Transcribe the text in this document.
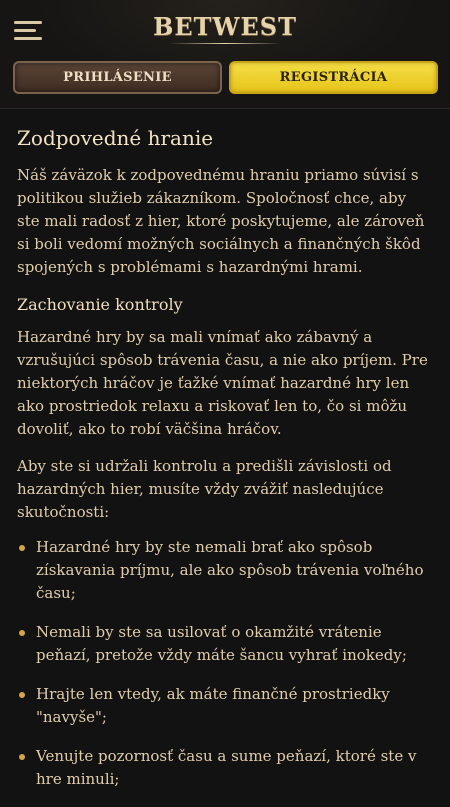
BETWEST
PRIHLÁSENIE	REGISTRÁCIA
Zodpovedné hranie

Náš záväzok k zodpovednému hraniu priamo súvisí s politikou služieb zákazníkom. Spoločnosť chce, aby ste mali radosť z hier, ktoré poskytujeme, ale zároveň si boli vedomí možných sociálnych a finančných škôd spojených s problémami s hazardnými hrami.

Zachovanie kontroly

Hazardné hry by sa mali vnímať ako zábavný a vzrušujúci spôsob trávenia času, a nie ako príjem. Pre niektorých hráčov je ťažké vnímať hazardné hry len ako prostriedok relaxu a riskovať len to, čo si môžu dovoliť, ako to robí väčšina hráčov.

Aby ste si udržali kontrolu a predišli závislosti od hazardných hier, musíte vždy zvážiť nasledujúce skutočnosti:

Hazardné hry by ste nemali brať ako spôsob získavania príjmu, ale ako spôsob trávenia voľného času;
Nemali by ste sa usilovať o okamžité vrátenie peňazí, pretože vždy máte šancu vyhrať inokedy;
Hrajte len vtedy, ak máte finančné prostriedky "navyše";
Venujte pozornosť času a sume peňazí, ktoré ste v hre minuli;
